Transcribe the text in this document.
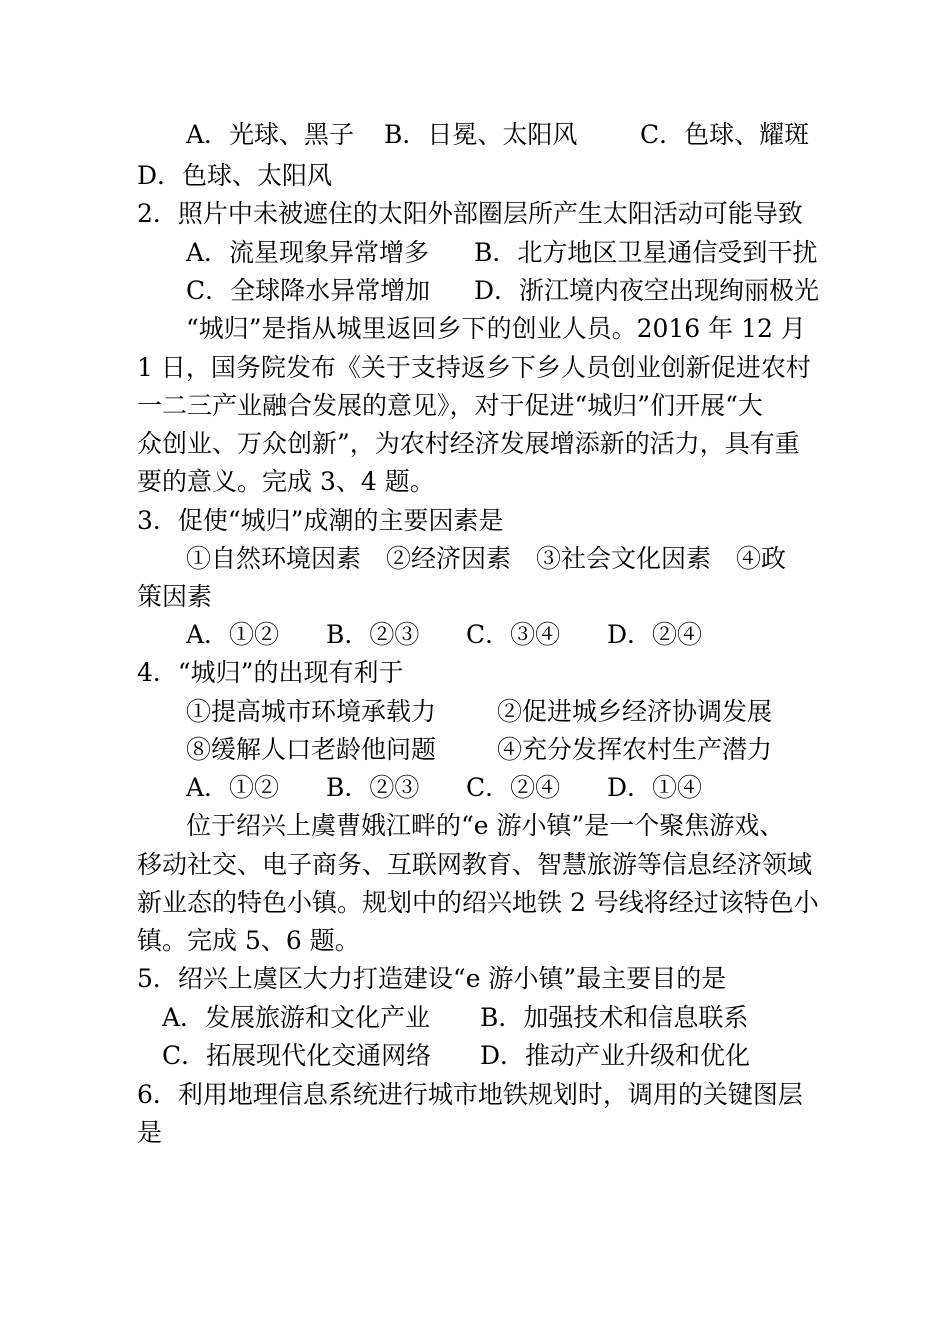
A．光球、黑子

B．日冕、太阳风

	C．色球、耀斑

D．色球、太阳风
2．照片中未被遮住的太阳外部圈层所产生太阳活动可能导致

A．流星现象异常增多

B．北方地区卫星通信受到干扰

C．全球降水异常增加

D．浙江境内夜空出现绚丽极光

“城归”是指从城里返回乡下的创业人员。2016 年 12 月
1 日，国务院发布《关于支持返乡下乡人员创业创新促进农村
一二三产业融合发展的意见》，对于促进“城归”们开展“大
众创业、万众创新”，为农村经济发展增添新的活力，具有重
要的意义。完成 3、4 题。
3．促使“城归”成潮的主要因素是
①自然环境因素　②经济因素　③社会文化因素　④政
策因素

A．①②

B．②③

C．③④

D．②④

4．“城归”的出现有利于

①提高城市环境承载力

②促进城乡经济协调发展

⑧缓解人口老龄他问题

④充分发挥农村生产潜力

A．①②

B．②③

C．②④

D．①④

位于绍兴上虞曹娥江畔的“e 游小镇”是一个聚焦游戏、
移动社交、电子商务、互联网教育、智慧旅游等信息经济领域
新业态的特色小镇。规划中的绍兴地铁 2 号线将经过该特色小
镇。完成 5、6 题。
5．绍兴上虞区大力打造建设“e 游小镇”最主要目的是

A．发展旅游和文化产业

B．加强技术和信息联系

C．拓展现代化交通网络

D．推动产业升级和优化

6．利用地理信息系统进行城市地铁规划时，调用的关键图层
是
